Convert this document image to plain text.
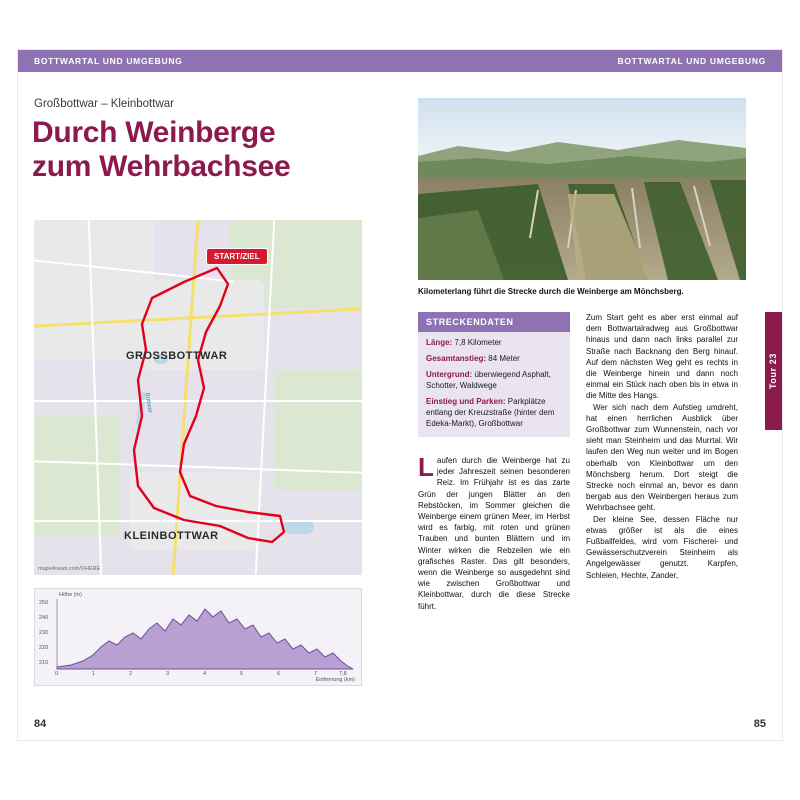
BOTTWARTAL UND UMGEBUNG	BOTTWARTAL UND UMGEBUNG
Großbottwar – Kleinbottwar
Durch Weinberge
zum Wehrbachsee
START/ZIEL
GROSSBOTTWAR
KLEINBOTTWAR
Bottwar
maps4news.com/©HERE
Höhe (m)
Entfernung (km)
250
240
230
220
210
0	1	2	3	4	5	6	7	7,8
84
Kilometerlang führt die Strecke durch die Weinberge am Mönchsberg.
STRECKENDATEN

Länge: 7,8 Kilometer

Gesamtanstieg: 84 Meter

Untergrund: überwiegend Asphalt, Schotter, Waldwege

Einstieg und Parken: Parkplätze entlang der Kreuzstraße (hinter dem Edeka-Markt), Großbottwar

Laufen durch die Weinberge hat zu jeder Jahreszeit seinen besonderen Reiz. Im Frühjahr ist es das zarte Grün der jungen Blätter an den Rebstöcken, im Sommer gleichen die Weinberge einem grünen Meer, im Herbst wird es farbig, mit roten und grünen Trauben und bunten Blättern und im Winter wirken die Rebzeilen wie ein grafisches Raster. Das gilt besonders, wenn die Weinberge so ausgedehnt sind wie zwischen Großbottwar und Kleinbottwar, durch die diese Strecke führt.

Zum Start geht es aber erst einmal auf dem Bottwartalradweg aus Großbottwar hinaus und dann nach links parallel zur Straße nach Backnang den Berg hinauf. Auf dem nächsten Weg geht es rechts in die Weinberge hinein und dann noch einmal ein Stück nach oben bis in etwa in die Mitte des Hangs.

Wer sich nach dem Aufstieg umdreht, hat einen herrlichen Ausblick über Großbottwar zum Wunnenstein, nach vor sieht man Steinheim und das Murrtal. Wir laufen den Weg nun weiter und im Bogen oberhalb von Kleinbottwar um den Mönchsberg herum. Dort steigt die Strecke noch einmal an, bevor es dann bergab aus den Weinbergen heraus zum Wehrbachsee geht.

Der kleine See, dessen Fläche nur etwas größer ist als die eines Fußballfeldes, wird vom Fischerei- und Gewässerschutzverein Steinheim als Angelgewässer genutzt. Karpfen, Schleien, Hechte, Zander,

Tour 23
85
